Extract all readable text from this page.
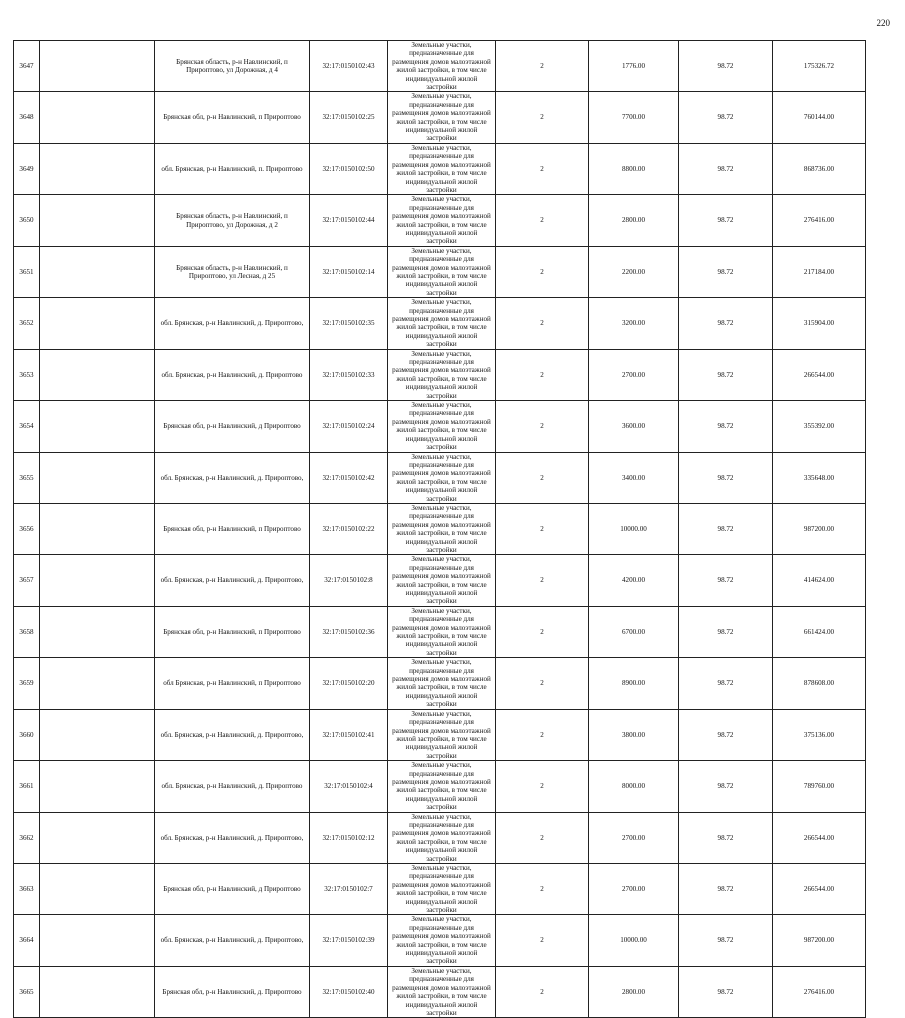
220
3647		Брянская область, р-н Навлинский, п Прироптово, ул Дорожная, д 4	32:17:0150102:43	Земельные участки, предназначенные для размещения домов малоэтажной жилой застройки, в том числе индивидуальной жилой застройки	2	1776.00	98.72	175326.72
3648		Брянская обл, р-н Навлинский, п Прироптово	32:17:0150102:25	Земельные участки, предназначенные для размещения домов малоэтажной жилой застройки, в том числе индивидуальной жилой застройки	2	7700.00	98.72	760144.00
3649		обл. Брянская, р-н Навлинский, п. Прироптово	32:17:0150102:50	Земельные участки, предназначенные для размещения домов малоэтажной жилой застройки, в том числе индивидуальной жилой застройки	2	8800.00	98.72	868736.00
3650		Брянская область, р-н Навлинский, п Прироптово, ул Дорожная, д 2	32:17:0150102:44	Земельные участки, предназначенные для размещения домов малоэтажной жилой застройки, в том числе индивидуальной жилой застройки	2	2800.00	98.72	276416.00
3651		Брянская область, р-н Навлинский, п Прироптово, ул Лесная, д 25	32:17:0150102:14	Земельные участки, предназначенные для размещения домов малоэтажной жилой застройки, в том числе индивидуальной жилой застройки	2	2200.00	98.72	217184.00
3652		обл. Брянская, р-н Навлинский, д. Прироптово,	32:17:0150102:35	Земельные участки, предназначенные для размещения домов малоэтажной жилой застройки, в том числе индивидуальной жилой застройки	2	3200.00	98.72	315904.00
3653		обл. Брянская, р-н Навлинский, д. Прироптово	32:17:0150102:33	Земельные участки, предназначенные для размещения домов малоэтажной жилой застройки, в том числе индивидуальной жилой застройки	2	2700.00	98.72	266544.00
3654		Брянская обл, р-н Навлинский, д Прироптово	32:17:0150102:24	Земельные участки, предназначенные для размещения домов малоэтажной жилой застройки, в том числе индивидуальной жилой застройки	2	3600.00	98.72	355392.00
3655		обл. Брянская, р-н Навлинский, д. Прироптово,	32:17:0150102:42	Земельные участки, предназначенные для размещения домов малоэтажной жилой застройки, в том числе индивидуальной жилой застройки	2	3400.00	98.72	335648.00
3656		Брянская обл, р-н Навлинский, п Прироптово	32:17:0150102:22	Земельные участки, предназначенные для размещения домов малоэтажной жилой застройки, в том числе индивидуальной жилой застройки	2	10000.00	98.72	987200.00
3657		обл. Брянская, р-н Навлинский, д. Прироптово,	32:17:0150102:8	Земельные участки, предназначенные для размещения домов малоэтажной жилой застройки, в том числе индивидуальной жилой застройки	2	4200.00	98.72	414624.00
3658		Брянская обл, р-н Навлинский, п Прироптово	32:17:0150102:36	Земельные участки, предназначенные для размещения домов малоэтажной жилой застройки, в том числе индивидуальной жилой застройки	2	6700.00	98.72	661424.00
3659		обл Брянская, р-н Навлинский, п Прироптово	32:17:0150102:20	Земельные участки, предназначенные для размещения домов малоэтажной жилой застройки, в том числе индивидуальной жилой застройки	2	8900.00	98.72	878608.00
3660		обл. Брянская, р-н Навлинский, д. Прироптово,	32:17:0150102:41	Земельные участки, предназначенные для размещения домов малоэтажной жилой застройки, в том числе индивидуальной жилой застройки	2	3800.00	98.72	375136.00
3661		обл. Брянская, р-н Навлинский, д. Прироптово	32:17:0150102:4	Земельные участки, предназначенные для размещения домов малоэтажной жилой застройки, в том числе индивидуальной жилой застройки	2	8000.00	98.72	789760.00
3662		обл. Брянская, р-н Навлинский, д. Прироптово,	32:17:0150102:12	Земельные участки, предназначенные для размещения домов малоэтажной жилой застройки, в том числе индивидуальной жилой застройки	2	2700.00	98.72	266544.00
3663		Брянская обл, р-н Навлинский, д Прироптово	32:17:0150102:7	Земельные участки, предназначенные для размещения домов малоэтажной жилой застройки, в том числе индивидуальной жилой застройки	2	2700.00	98.72	266544.00
3664		обл. Брянская, р-н Навлинский, д. Прироптово,	32:17:0150102:39	Земельные участки, предназначенные для размещения домов малоэтажной жилой застройки, в том числе индивидуальной жилой застройки	2	10000.00	98.72	987200.00
3665		Брянская обл, р-н Навлинский, д. Прироптово	32:17:0150102:40	Земельные участки, предназначенные для размещения домов малоэтажной жилой застройки, в том числе индивидуальной жилой застройки	2	2800.00	98.72	276416.00
